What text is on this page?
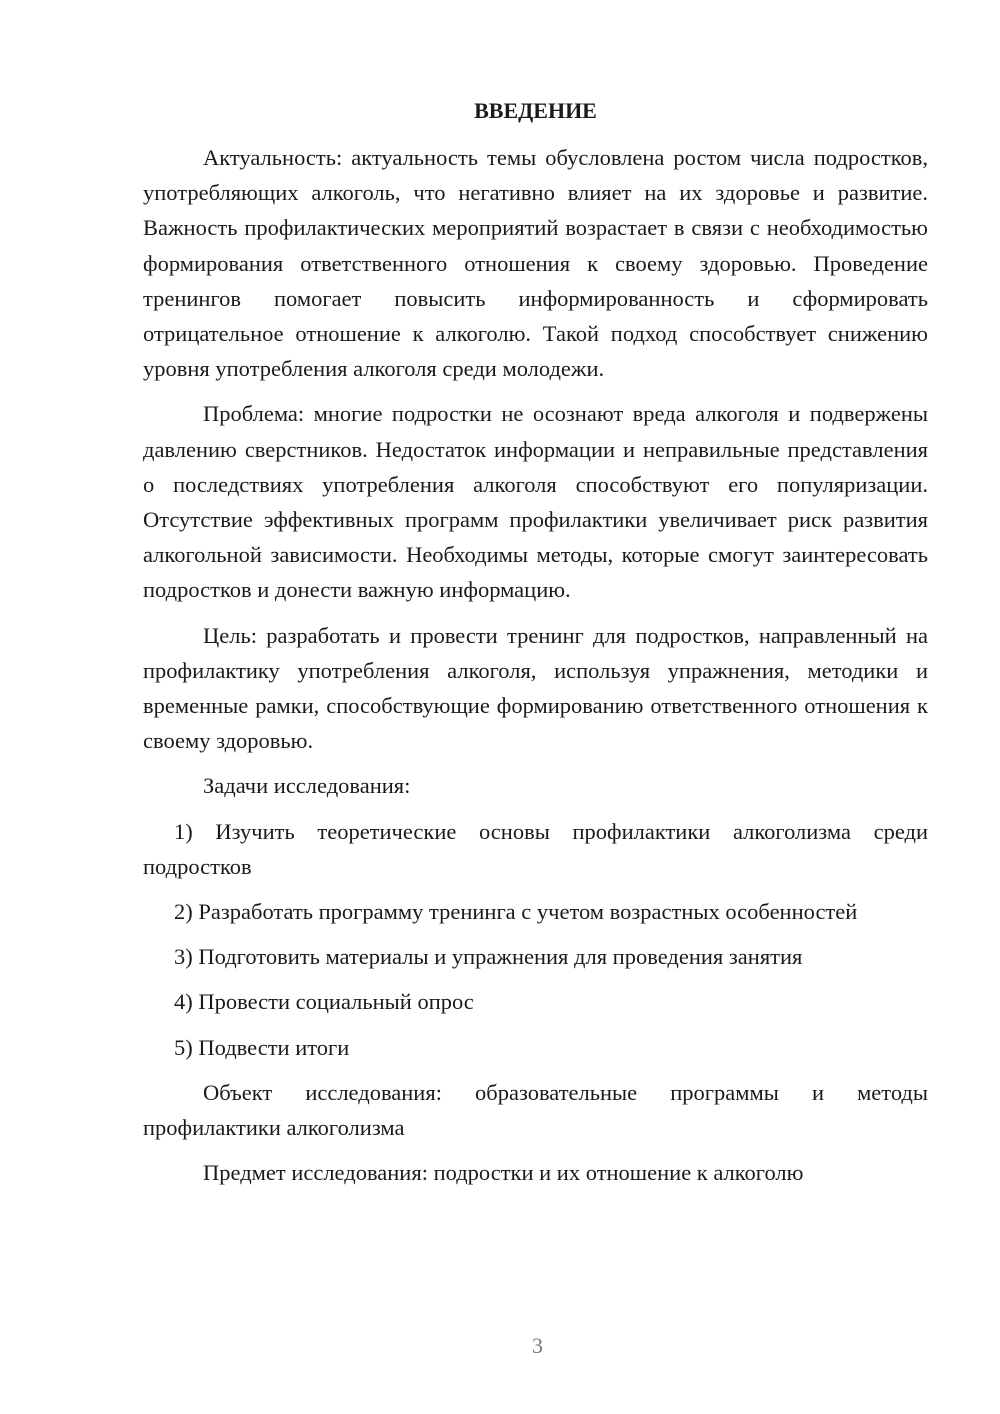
ВВЕДЕНИЕ

Актуальность: актуальность темы обусловлена ростом числа подростков, употребляющих алкоголь, что негативно влияет на их здоровье и развитие. Важность профилактических мероприятий возрастает в связи с необходимостью формирования ответственного отношения к своему здоровью. Проведение тренингов помогает повысить информированность и сформировать отрицательное отношение к алкоголю. Такой подход способствует снижению уровня употребления алкоголя среди молодежи.

Проблема: многие подростки не осознают вреда алкоголя и подвержены давлению сверстников. Недостаток информации и неправильные представления о последствиях употребления алкоголя способствуют его популяризации. Отсутствие эффективных программ профилактики увеличивает риск развития алкогольной зависимости. Необходимы методы, которые смогут заинтересовать подростков и донести важную информацию.

Цель: разработать и провести тренинг для подростков, направленный на профилактику употребления алкоголя, используя упражнения, методики и временные рамки, способствующие формированию ответственного отношения к своему здоровью.

Задачи исследования:

1) Изучить теоретические основы профилактики алкоголизма среди подростков

2) Разработать программу тренинга с учетом возрастных особенностей

3) Подготовить материалы и упражнения для проведения занятия

4) Провести социальный опрос

5) Подвести итоги

Объект исследования: образовательные программы и методы профилактики алкоголизма

Предмет исследования: подростки и их отношение к алкоголю

3
